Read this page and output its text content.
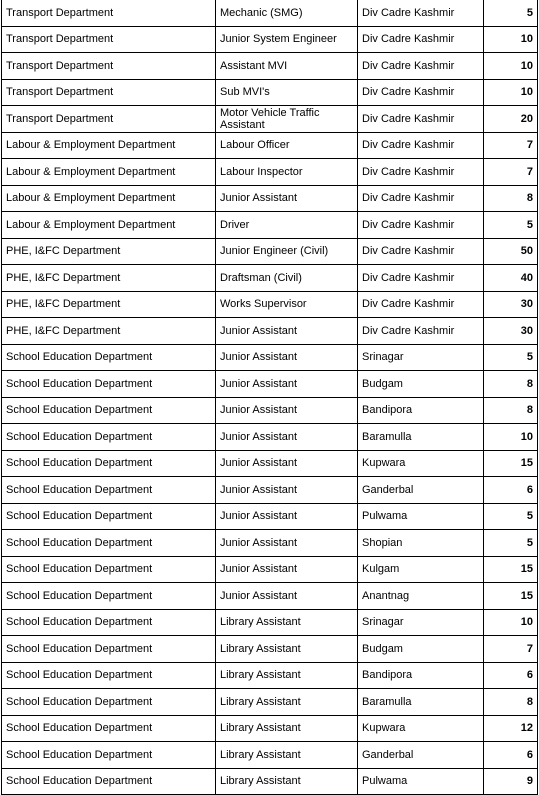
Transport Department	Mechanic (SMG)	Div Cadre Kashmir	5
Transport Department	Junior System Engineer	Div Cadre Kashmir	10
Transport Department	Assistant MVI	Div Cadre Kashmir	10
Transport Department	Sub MVI's	Div Cadre Kashmir	10
Transport Department	Motor Vehicle Traffic Assistant	Div Cadre Kashmir	20
Labour & Employment Department	Labour Officer	Div Cadre Kashmir	7
Labour & Employment Department	Labour Inspector	Div Cadre Kashmir	7
Labour & Employment Department	Junior Assistant	Div Cadre Kashmir	8
Labour & Employment Department	Driver	Div Cadre Kashmir	5
PHE, I&FC Department	Junior Engineer (Civil)	Div Cadre Kashmir	50
PHE, I&FC Department	Draftsman (Civil)	Div Cadre Kashmir	40
PHE, I&FC Department	Works Supervisor	Div Cadre Kashmir	30
PHE, I&FC Department	Junior Assistant	Div Cadre Kashmir	30
School Education Department	Junior Assistant	Srinagar	5
School Education Department	Junior Assistant	Budgam	8
School Education Department	Junior Assistant	Bandipora	8
School Education Department	Junior Assistant	Baramulla	10
School Education Department	Junior Assistant	Kupwara	15
School Education Department	Junior Assistant	Ganderbal	6
School Education Department	Junior Assistant	Pulwama	5
School Education Department	Junior Assistant	Shopian	5
School Education Department	Junior Assistant	Kulgam	15
School Education Department	Junior Assistant	Anantnag	15
School Education Department	Library Assistant	Srinagar	10
School Education Department	Library Assistant	Budgam	7
School Education Department	Library Assistant	Bandipora	6
School Education Department	Library Assistant	Baramulla	8
School Education Department	Library Assistant	Kupwara	12
School Education Department	Library Assistant	Ganderbal	6
School Education Department	Library Assistant	Pulwama	9
